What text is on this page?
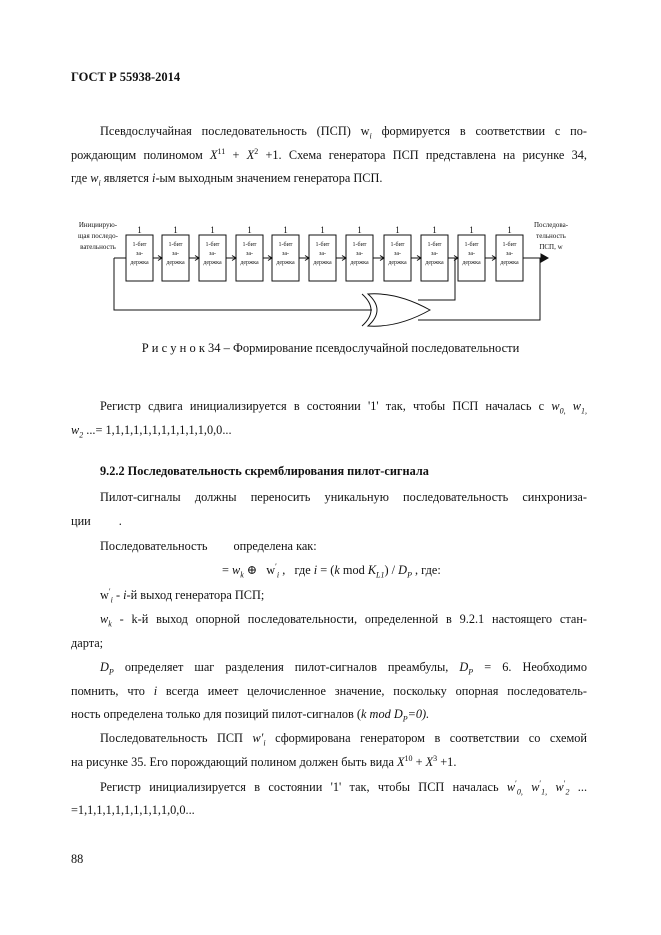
ГОСТ Р 55938-2014
Псевдослучайная последовательность (ПСП) $w_i$ формируется в соответствии с по-
рождающим полиномом $X^{11} + X^2 +1$. Схема генератора ПСП представлена на рисунке 34,
где $w_i$ является i-ым выходным значением генератора ПСП.
Инициирую-
щая последо-
вательность
Последова-
тельность
ПСП, w
1-бит
за-
держка
1
1-бит
за-
держка
1
1-бит
за-
держка
1
1-бит
за-
держка
1
1-бит
за-
держка
1
1-бит
за-
держка
1
1-бит
за-
держка
1
1-бит
за-
держка
1
1-бит
за-
держка
1
1-бит
за-
держка
1
1-бит
за-
держка
1
Р и с у н о к 34 – Формирование псевдослучайной последовательности
Регистр сдвига инициализируется в состоянии '1' так, чтобы ПСП началась с $w_{0,}$ $w_{1,}$
$w_2$ ...= 1,1,1,1,1,1,1,1,1,1,1,0,0...
9.2.2 Последовательность скремблирования пилот-сигнала
Пилот-сигналы должны переносить уникальную последовательность синхрониза-
ции .
Последовательность определена как:
= $w_k$ ⊕ $w'_i$ , где i = (k mod $K_{L1}) / D_P$ , где:
$w'_i - i-й$ выход генератора ПСП;
$w_k - k-й$ выход опорной последовательности, определенной в 9.2.1 настоящего стан-
дарта;
$D_P$ определяет шаг разделения пилот-сигналов преамбулы, $D_P = 6$. Необходимо
помнить, что i всегда имеет целочисленное значение, поскольку опорная последователь-
ность определена только для позиций пилот-сигналов (k mod $D_P=0$).
Последовательность ПСП $w'_i$ сформирована генератором в соответствии со схемой
на рисунке 35. Его порождающий полином должен быть вида $X^{10} + X^3 +1$.
Регистр инициализируется в состоянии '1' так, чтобы ПСП началась $w'_{0,}$ $w'_{1,}$ $w'_2$ ...
=1,1,1,1,1,1,1,1,1,1,0,0...
88
